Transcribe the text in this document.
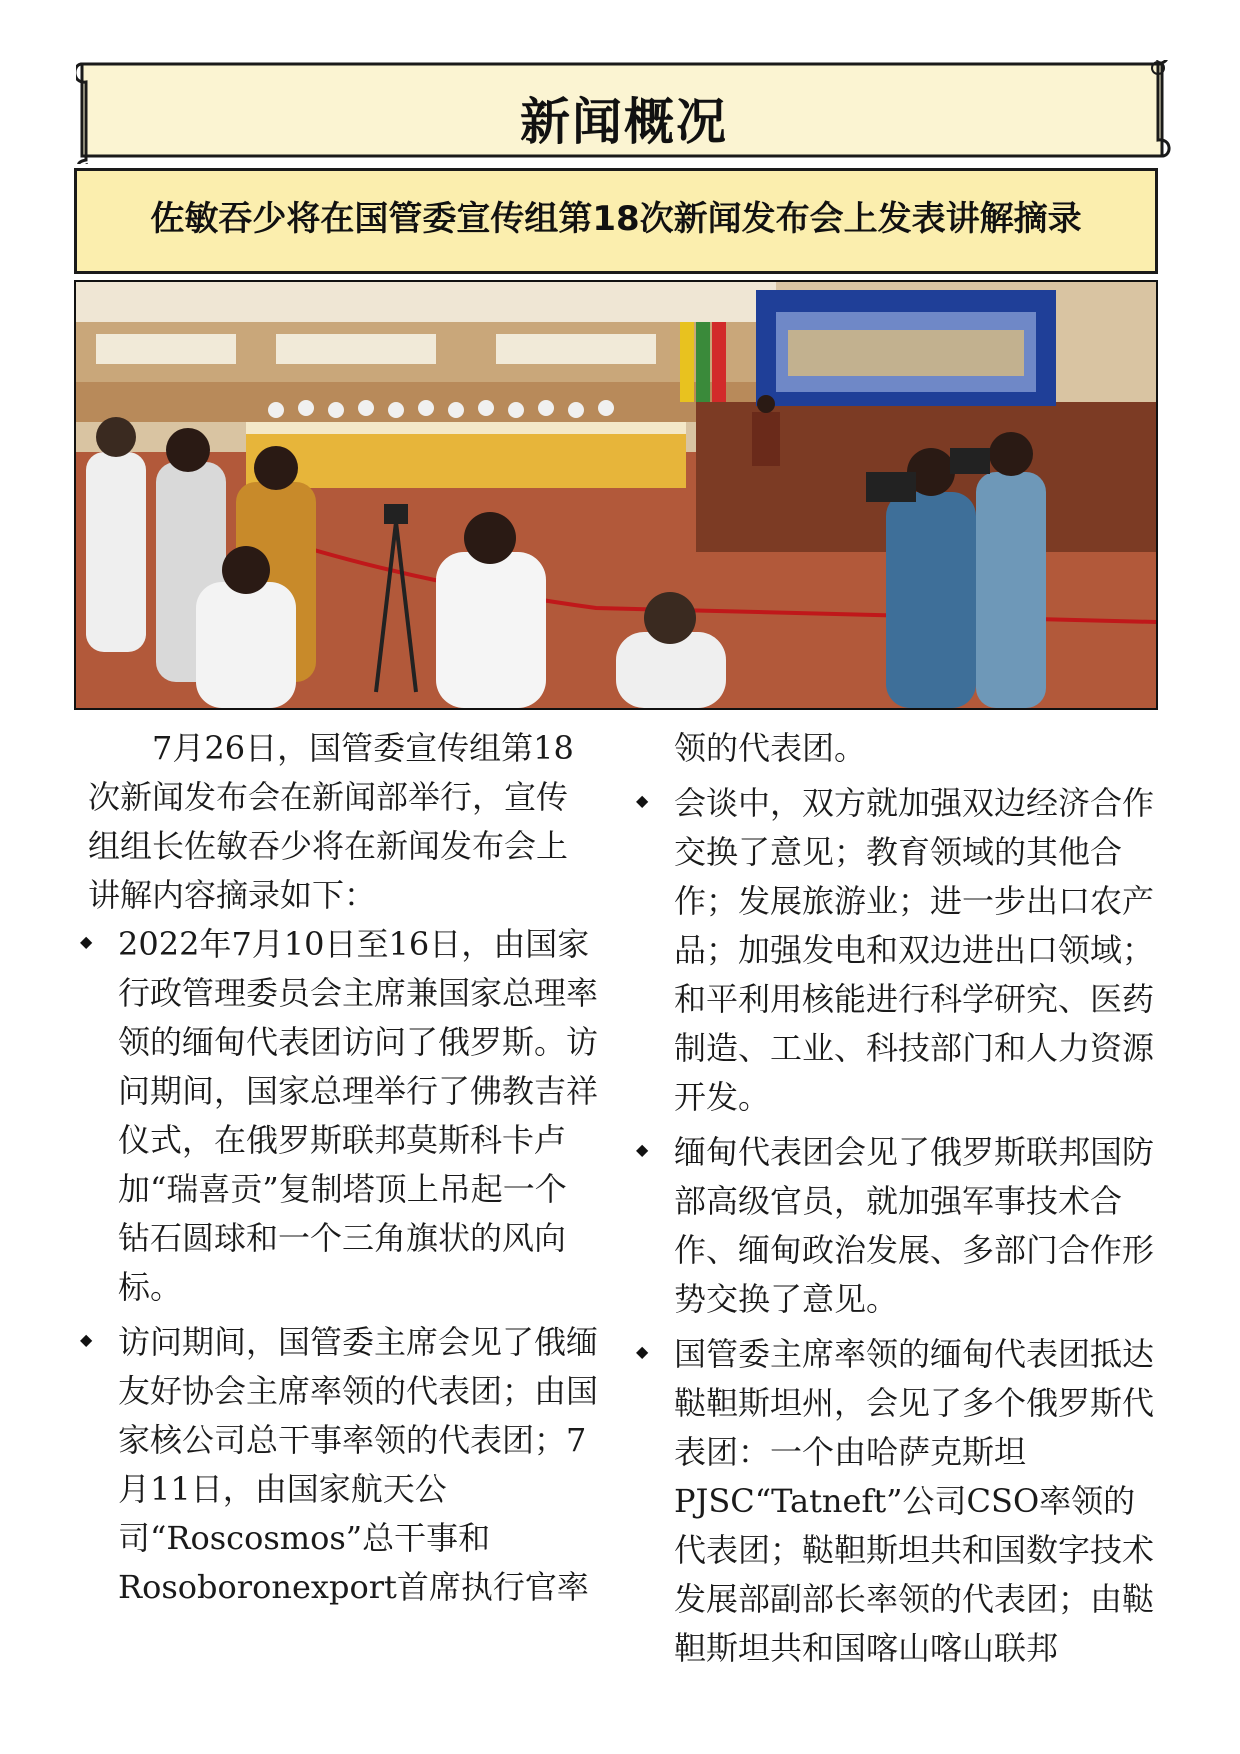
新闻概况
佐敏吞少将在国管委宣传组第18次新闻发布会上发表讲解摘录

7月26日，国管委宣传组第18次新闻发布会在新闻部举行，宣传组组长佐敏吞少将在新闻发布会上讲解内容摘录如下：

◆ 2022年7月10日至16日，由国家行政管理委员会主席兼国家总理率领的缅甸代表团访问了俄罗斯。访问期间，国家总理举行了佛教吉祥仪式，在俄罗斯联邦莫斯科卡卢加“瑞喜贡”复制塔顶上吊起一个钻石圆球和一个三角旗状的风向标。
◆ 访问期间，国管委主席会见了俄缅友好协会主席率领的代表团；由国家核公司总干事率领的代表团；7月11日，由国家航天公司“Roscosmos”总干事和Rosoboronexport首席执行官率

领的代表团。

◆ 会谈中，双方就加强双边经济合作交换了意见；教育领域的其他合作；发展旅游业；进一步出口农产品；加强发电和双边进出口领域；和平利用核能进行科学研究、医药制造、工业、科技部门和人力资源开发。
◆ 缅甸代表团会见了俄罗斯联邦国防部高级官员，就加强军事技术合作、缅甸政治发展、多部门合作形势交换了意见。
◆ 国管委主席率领的缅甸代表团抵达鞑靼斯坦州，会见了多个俄罗斯代表团：一个由哈萨克斯坦PJSC“Tatneft”公司CSO率领的代表团；鞑靼斯坦共和国数字技术发展部副部长率领的代表团；由鞑靼斯坦共和国喀山喀山联邦
